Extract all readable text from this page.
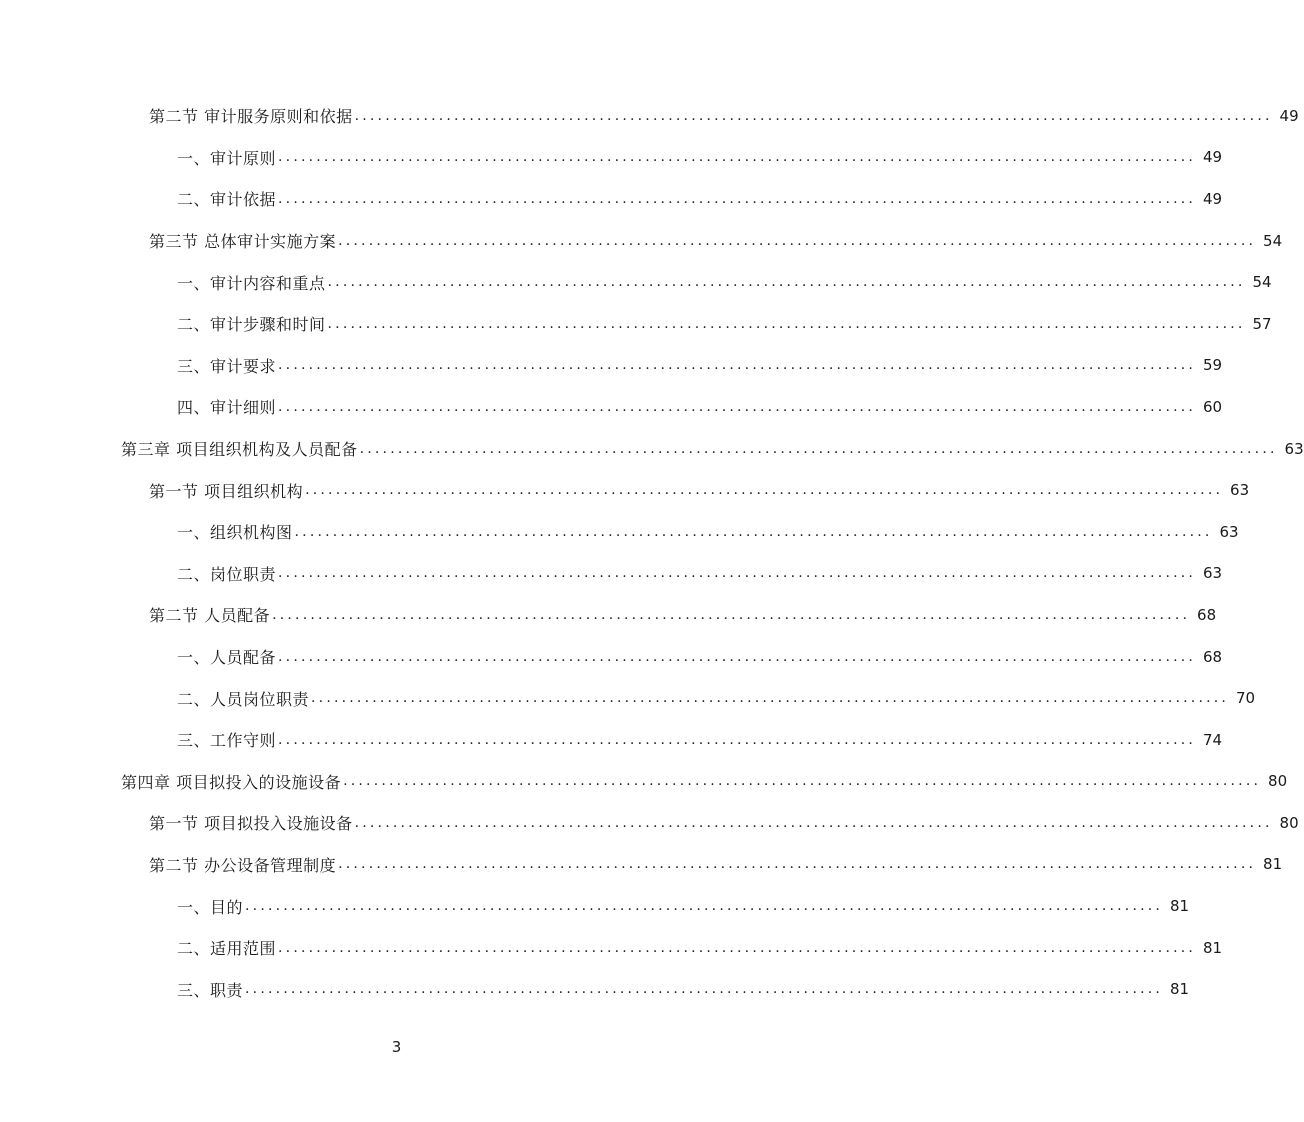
第二节 审计服务原则和依据 ........................................................................................................................ 49
一、审计原则 ........................................................................................................................ 49
二、审计依据 ........................................................................................................................ 49
第三节 总体审计实施方案 ........................................................................................................................ 54
一、审计内容和重点 ........................................................................................................................ 54
二、审计步骤和时间 ........................................................................................................................ 57
三、审计要求 ........................................................................................................................ 59
四、审计细则 ........................................................................................................................ 60
第三章 项目组织机构及人员配备 ........................................................................................................................ 63
第一节 项目组织机构 ........................................................................................................................ 63
一、组织机构图 ........................................................................................................................ 63
二、岗位职责 ........................................................................................................................ 63
第二节 人员配备 ........................................................................................................................ 68
一、人员配备 ........................................................................................................................ 68
二、人员岗位职责 ........................................................................................................................ 70
三、工作守则 ........................................................................................................................ 74
第四章 项目拟投入的设施设备 ........................................................................................................................ 80
第一节 项目拟投入设施设备 ........................................................................................................................ 80
第二节 办公设备管理制度 ........................................................................................................................ 81
一、目的 ........................................................................................................................ 81
二、适用范围 ........................................................................................................................ 81
三、职责 ........................................................................................................................ 81
3
